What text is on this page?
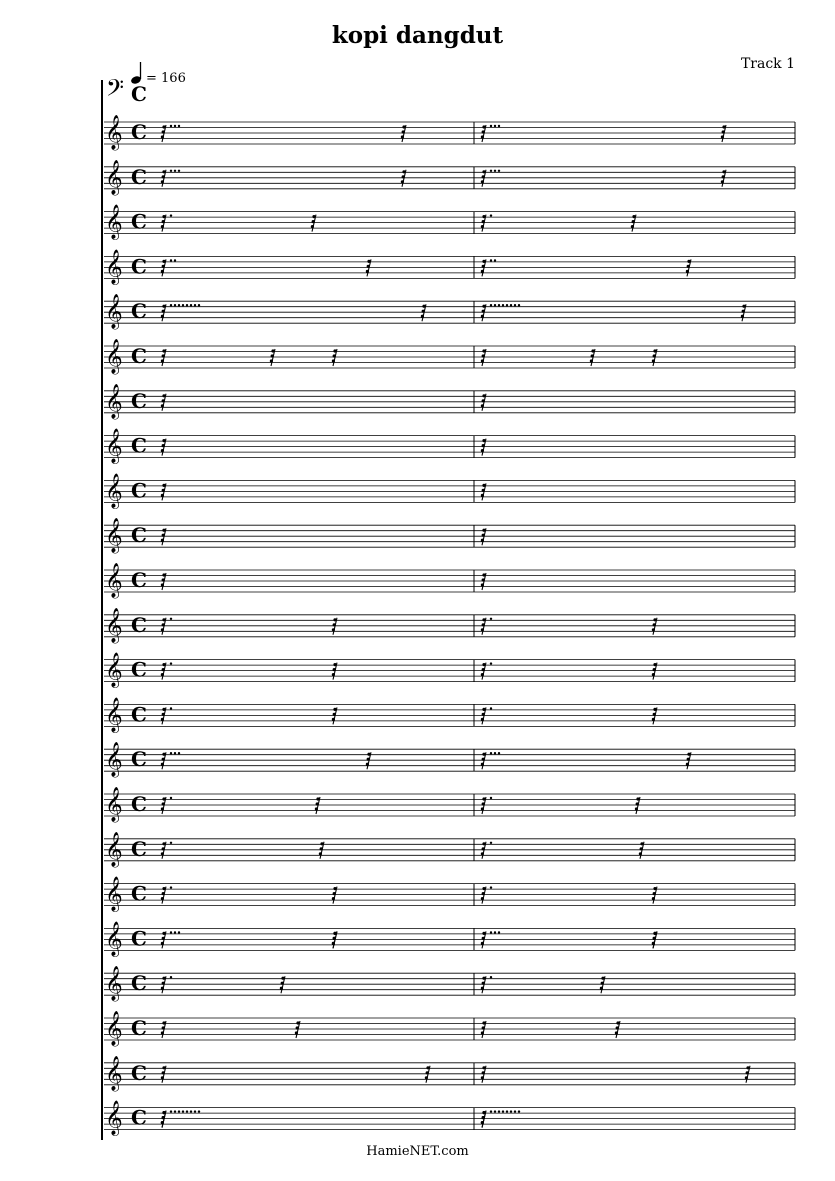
kopi dangdut
Track 1
𝄢 = 166
C
𝄞 C
𝄞 C
𝄞 C
𝄞 C
𝄞 C
𝄞 C
𝄞 C
𝄞 C
𝄞 C
𝄞 C
𝄞 C
𝄞 C
𝄞 C
𝄞 C
𝄞 C
𝄞 C
𝄞 C
𝄞 C
𝄞 C
𝄞 C
𝄞 C
𝄞 C
𝄞 C
HamieNET.com
